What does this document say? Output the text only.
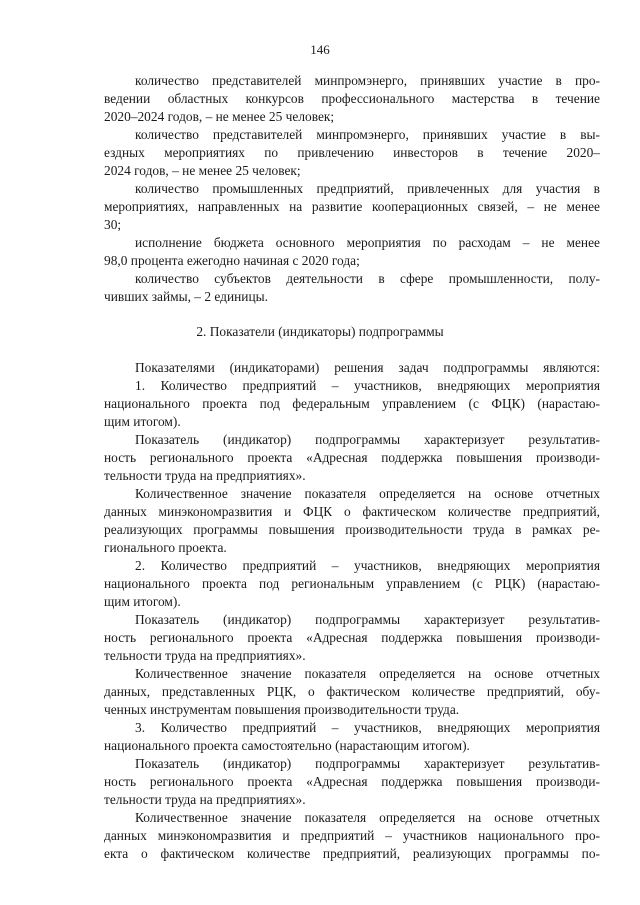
146
количество представителей минпромэнерго, принявших участие в про-
ведении областных конкурсов профессионального мастерства в течение
2020–2024 годов, – не менее 25 человек;
количество представителей минпромэнерго, принявших участие в вы-
ездных мероприятиях по привлечению инвесторов в течение 2020–
2024 годов, – не менее 25 человек;
количество промышленных предприятий, привлеченных для участия в
мероприятиях, направленных на развитие кооперационных связей, – не менее
30;
исполнение бюджета основного мероприятия по расходам – не менее
98,0 процента ежегодно начиная с 2020 года;
количество субъектов деятельности в сфере промышленности, полу-
чивших займы, – 2 единицы.
2. Показатели (индикаторы) подпрограммы
Показателями (индикаторами) решения задач подпрограммы являются:
1. Количество предприятий – участников, внедряющих мероприятия
национального проекта под федеральным управлением (с ФЦК) (нарастаю-
щим итогом).
Показатель (индикатор) подпрограммы характеризует результатив-
ность регионального проекта «Адресная поддержка повышения производи-
тельности труда на предприятиях».
Количественное значение показателя определяется на основе отчетных
данных минэкономразвития и ФЦК о фактическом количестве предприятий,
реализующих программы повышения производительности труда в рамках ре-
гионального проекта.
2. Количество предприятий – участников, внедряющих мероприятия
национального проекта под региональным управлением (с РЦК) (нарастаю-
щим итогом).
Показатель (индикатор) подпрограммы характеризует результатив-
ность регионального проекта «Адресная поддержка повышения производи-
тельности труда на предприятиях».
Количественное значение показателя определяется на основе отчетных
данных, представленных РЦК, о фактическом количестве предприятий, обу-
ченных инструментам повышения производительности труда.
3. Количество предприятий – участников, внедряющих мероприятия
национального проекта самостоятельно (нарастающим итогом).
Показатель (индикатор) подпрограммы характеризует результатив-
ность регионального проекта «Адресная поддержка повышения производи-
тельности труда на предприятиях».
Количественное значение показателя определяется на основе отчетных
данных минэкономразвития и предприятий – участников национального про-
екта о фактическом количестве предприятий, реализующих программы по-
